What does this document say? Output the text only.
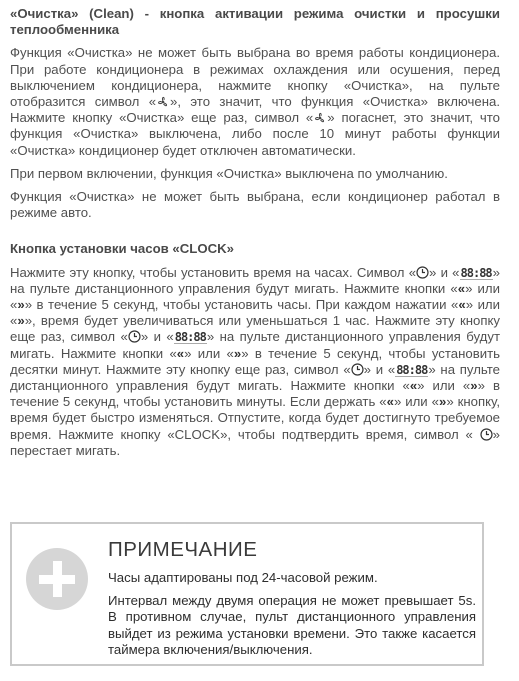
«Очистка» (Clean) - кнопка активации режима очистки и просушки теплообменника

Функция «Очистка» не может быть выбрана во время работы кондиционера. При работе кондиционера в режимах охлаждения или осушения, перед выключением кондиционера, нажмите кнопку «Очистка», на пульте отобразится символ « », это значит, что функция «Очистка» включена. Нажмите кнопку «Очистка» еще раз, символ « » погаснет, это значит, что функция «Очистка» выключена, либо после 10 минут работы функции «Очистка» кондиционер будет отключен автоматически.

При первом включении, функция «Очистка» выключена по умолчанию.

Функция «Очистка» не может быть выбрана, если кондиционер работал в режиме авто.

Кнопка установки часов «CLOCK»

Нажмите эту кнопку, чтобы установить время на часах. Символ « » и «88:88» на пульте дистанционного управления будут мигать. Нажмите кнопки ««» или «»» в течение 5 секунд, чтобы установить часы. При каждом нажатии ««» или «»», время будет увеличиваться или уменьшаться 1 час. Нажмите эту кнопку еще раз, символ « » и «88:88» на пульте дистанционного управления будут мигать. Нажмите кнопки ««» или «»» в течение 5 секунд, чтобы установить десятки минут. Нажмите эту кнопку еще раз, символ « » и «88:88» на пульте дистанционного управления будут мигать. Нажмите кнопки ««» или «»» в течение 5 секунд, чтобы установить минуты. Если держать ««» или «»» кнопку, время будет быстро изменяться. Отпустите, когда будет достигнуто требуемое время. Нажмите кнопку «CLOCK», чтобы подтвердить время, символ « » перестает мигать.

ПРИМЕЧАНИЕ

Часы адаптированы под 24-часовой режим.

Интервал между двумя операция не может превышает 5s. В противном случае, пульт дистанционного управления выйдет из режима установки времени. Это также касается таймера включения/выключения.
